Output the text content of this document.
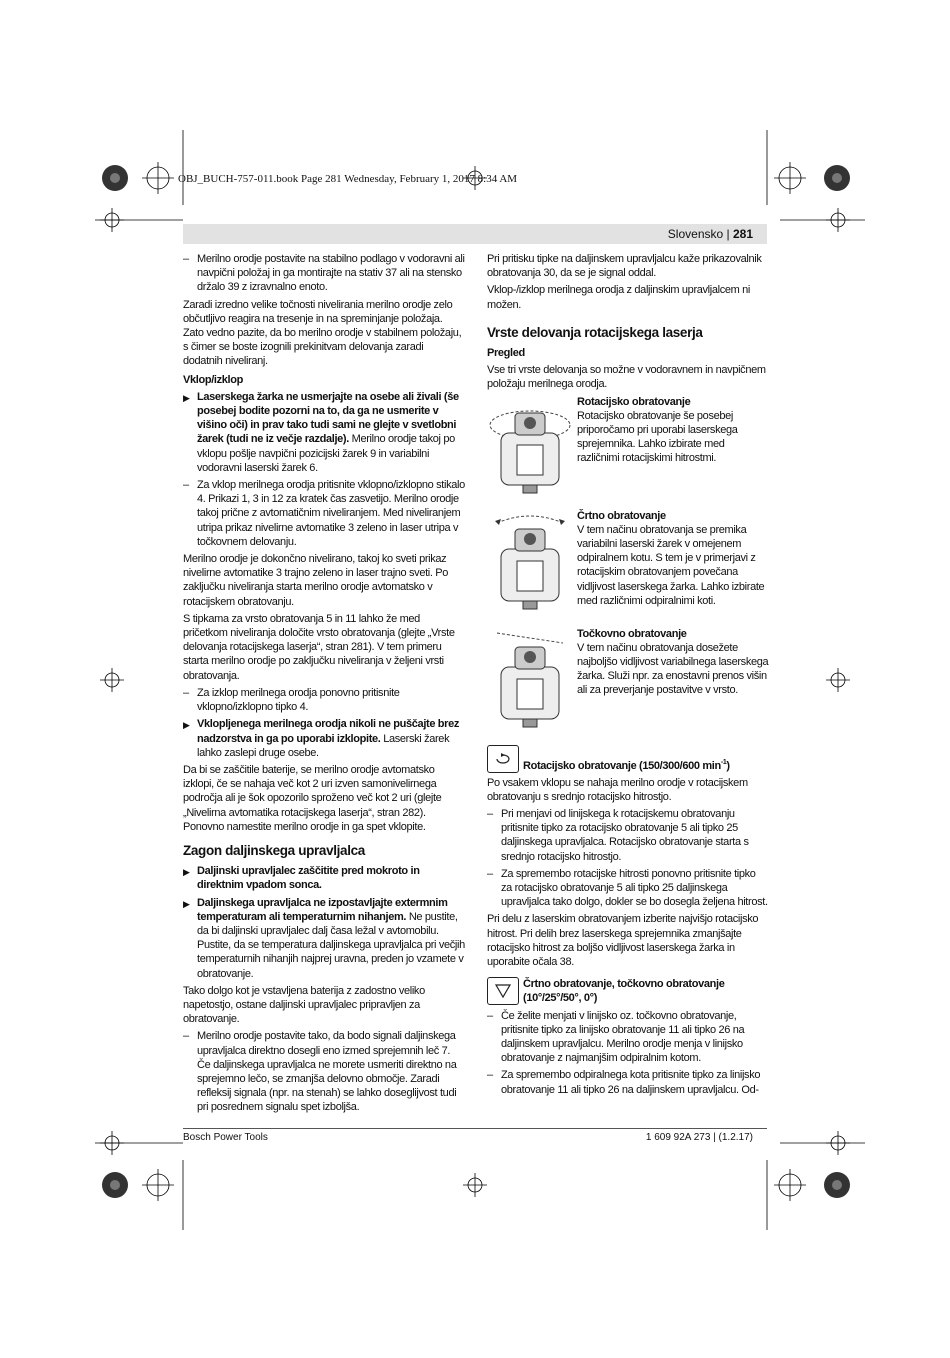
OBJ_BUCH-757-011.book Page 281 Wednesday, February 1, 2017 8:34 AM
Slovensko | 281
– Merilno orodje postavite na stabilno podlago v vodoravni ali navpični položaj in ga montirajte na stativ 37 ali na stensko držalo 39 z izravnalno enoto.

Zaradi izredno velike točnosti nivelirania merilno orodje zelo občutljivo reagira na tresenje in na spreminjanje položaja. Zato vedno pazite, da bo merilno orodje v stabilnem položaju, s čimer se boste izognili prekinitvam delovanja zaradi dodatnih niveliranj.

Vklop/izklop
▶ Laserskega žarka ne usmerjajte na osebe ali živali (še posebej bodite pozorni na to, da ga ne usmerite v višino oči) in prav tako tudi sami ne glejte v svetlobni žarek (tudi ne iz večje razdalje). Merilno orodje takoj po vklopu pošlje navpični pozicijski žarek 9 in variabilni vodoravni laserski žarek 6.
– Za vklop merilnega orodja pritisnite vklopno/izklopno stikalo 4. Prikazi 1, 3 in 12 za kratek čas zasvetijo. Merilno orodje takoj prične z avtomatičnim niveliranjem. Med niveliranjem utripa prikaz nivelirne avtomatike 3 zeleno in laser utripa v točkovnem delovanju.

Merilno orodje je dokončno nivelirano, takoj ko sveti prikaz nivelirne avtomatike 3 trajno zeleno in laser trajno sveti. Po zaključku niveliranja starta merilno orodje avtomatsko v rotacijskem obratovanju.

S tipkama za vrsto obratovanja 5 in 11 lahko že med pričetkom niveliranja določite vrsto obratovanja (glejte „Vrste delovanja rotacijskega laserja“, stran 281). V tem primeru starta merilno orodje po zaključku niveliranja v željeni vrsti obratovanja.

– Za izklop merilnega orodja ponovno pritisnite vklopno/izklopno tipko 4.
▶ Vklopljenega merilnega orodja nikoli ne puščajte brez nadzorstva in ga po uporabi izklopite. Laserski žarek lahko zaslepi druge osebe.

Da bi se zaščitile baterije, se merilno orodje avtomatsko izklopi, če se nahaja več kot 2 uri izven samonivelirnega področja ali je šok opozorilo sproženo več kot 2 uri (glejte „Nivelirna avtomatika rotacijskega laserja“, stran 282). Ponovno namestite merilno orodje in ga spet vklopite.

Zagon daljinskega upravljalca
▶ Daljinski upravljalec zaščitite pred mokroto in direktnim vpadom sonca.
▶ Daljinskega upravljalca ne izpostavljajte extermnim temperaturam ali temperaturnim nihanjem. Ne pustite, da bi daljinski upravljalec dalj časa ležal v avtomobilu. Pustite, da se temperatura daljinskega upravljalca pri večjih temperaturnih nihanjih najprej uravna, preden jo vzamete v obratovanje.

Tako dolgo kot je vstavljena baterija z zadostno veliko napetostjo, ostane daljinski upravljalec pripravljen za obratovanje.

– Merilno orodje postavite tako, da bodo signali daljinskega upravljalca direktno dosegli eno izmed sprejemnih leč 7. Če daljinskega upravljalca ne morete usmeriti direktno na sprejemno lečo, se zmanjša delovno območje. Zaradi refleksij signala (npr. na stenah) se lahko doseglijvost tudi pri posrednem signalu spet izboljša.

Pri pritisku tipke na daljinskem upravljalcu kaže prikazovalnik obratovanja 30, da se je signal oddal.

Vklop-/izklop merilnega orodja z daljinskim upravljalcem ni možen.

Vrste delovanja rotacijskega laserja
Pregled

Vse tri vrste delovanja so možne v vodoravnem in navpičnem položaju merilnega orodja.

Rotacijsko obratovanje
Rotacijsko obratovanje še posebej priporočamo pri uporabi laserskega sprejemnika. Lahko izbirate med različnimi rotacijskimi hitrostmi.
Črtno obratovanje
V tem načinu obratovanja se premika variabilni laserski žarek v omejenem odpiralnem kotu. S tem je v primerjavi z rotacijskim obratovanjem povečana vidljivost laserskega žarka. Lahko izbirate med različnimi odpiralnimi koti.
Točkovno obratovanje
V tem načinu obratovanja dosežete najboljšo vidljivost variabilnega laserskega žarka. Služi npr. za enostavni prenos višin ali za preverjanje postavitve v vrsto.
Rotacijsko obratovanje (150/300/600 $\min^{-1}$)

Po vsakem vklopu se nahaja merilno orodje v rotacijskem obratovanju s srednjo rotacijsko hitrostjo.

– Pri menjavi od linijskega k rotacijskemu obratovanju pritisnite tipko za rotacijsko obratovanje 5 ali tipko 25 daljinskega upravljalca. Rotacijsko obratovanje starta s srednjo rotacijsko hitrostjo.
– Za spremembo rotacijske hitrosti ponovno pritisnite tipko za rotacijsko obratovanje 5 ali tipko 25 daljinskega upravljalca tako dolgo, dokler se bo dosegla željena hitrost.

Pri delu z laserskim obratovanjem izberite najvišjo rotacijsko hitrost. Pri delih brez laserskega sprejemnika zmanjšajte rotacijsko hitrost za boljšo vidljivost laserskega žarka in uporabite očala 38.

Črtno obratovanje, točkovno obratovanje (10°/25°/50°, 0°)
– Če želite menjati v linijsko oz. točkovno obratovanje, pritisnite tipko za linijsko obratovanje 11 ali tipko 26 na daljinskem upravljalcu. Merilno orodje menja v linijsko obratovanje z najmanjšim odpiralnim kotom.
– Za spremembo odpiralnega kota pritisnite tipko za linijsko obratovanje 11 ali tipko 26 na daljinskem upravljalcu. Od-
Bosch Power Tools	1 609 92A 273 | (1.2.17)
